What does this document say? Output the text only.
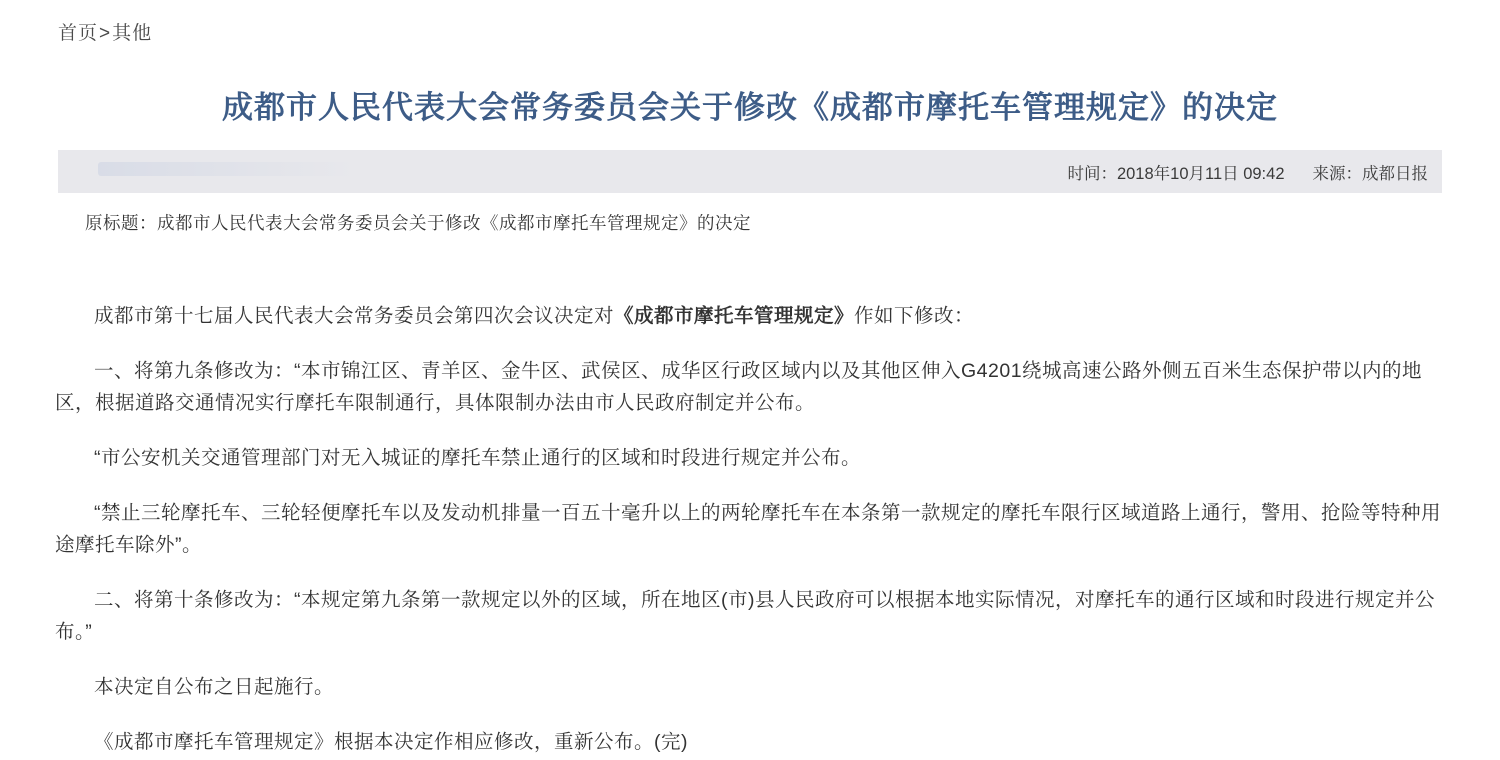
首页>其他
成都市人民代表大会常务委员会关于修改《成都市摩托车管理规定》的决定
时间：2018年10月11日 09:42 来源：成都日报
原标题：成都市人民代表大会常务委员会关于修改《成都市摩托车管理规定》的决定

成都市第十七届人民代表大会常务委员会第四次会议决定对《成都市摩托车管理规定》作如下修改：

一、将第九条修改为：“本市锦江区、青羊区、金牛区、武侯区、成华区行政区域内以及其他区伸入G4201绕城高速公路外侧五百米生态保护带以内的地区，根据道路交通情况实行摩托车限制通行，具体限制办法由市人民政府制定并公布。

“市公安机关交通管理部门对无入城证的摩托车禁止通行的区域和时段进行规定并公布。

“禁止三轮摩托车、三轮轻便摩托车以及发动机排量一百五十毫升以上的两轮摩托车在本条第一款规定的摩托车限行区域道路上通行，警用、抢险等特种用途摩托车除外”。

二、将第十条修改为：“本规定第九条第一款规定以外的区域，所在地区(市)县人民政府可以根据本地实际情况，对摩托车的通行区域和时段进行规定并公布。”

本决定自公布之日起施行。

《成都市摩托车管理规定》根据本决定作相应修改，重新公布。(完)
